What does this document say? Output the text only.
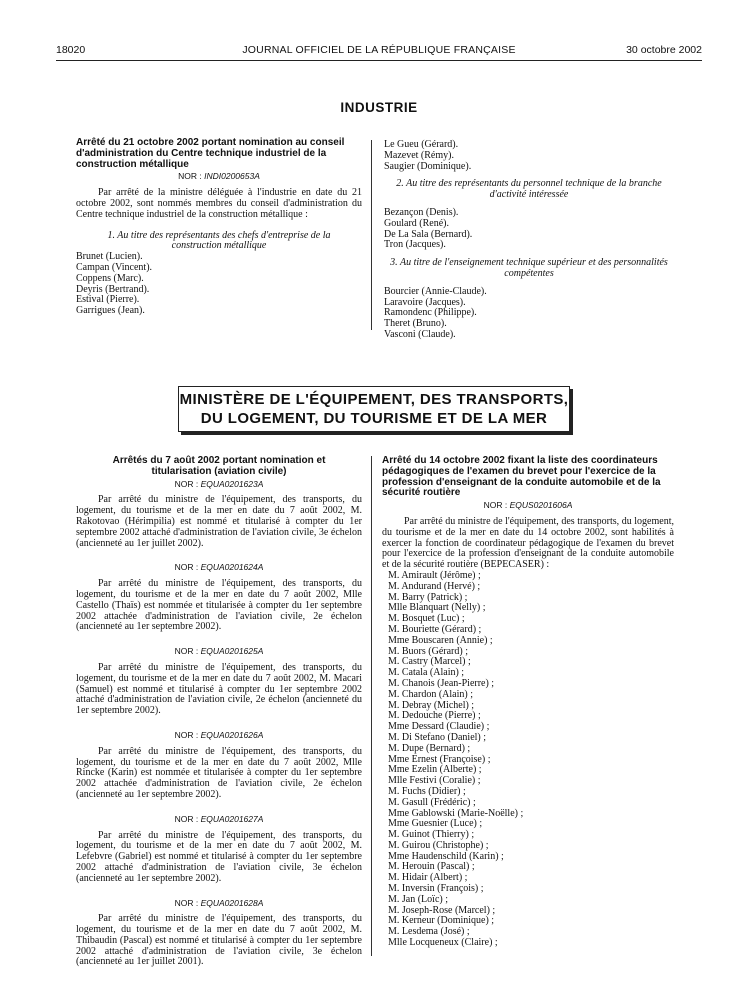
18020	JOURNAL OFFICIEL DE LA RÉPUBLIQUE FRANÇAISE	30 octobre 2002
INDUSTRIE
Arrêté du 21 octobre 2002 portant nomination au conseil d'administration du Centre technique industriel de la construction métallique
NOR : INDI0200653A

Par arrêté de la ministre déléguée à l'industrie en date du 21 octobre 2002, sont nommés membres du conseil d'administration du Centre technique industriel de la construction métallique :

1. Au titre des représentants des chefs d'entreprise de la construction métallique

Brunet (Lucien).
Campan (Vincent).
Coppens (Marc).
Deyris (Bertrand).
Estival (Pierre).
Garrigues (Jean).
Le Gueu (Gérard).
Mazevet (Rémy).
Saugier (Dominique).

2. Au titre des représentants du personnel technique de la branche d'activité intéressée

Bezançon (Denis).
Goulard (René).
De La Sala (Bernard).
Tron (Jacques).

3. Au titre de l'enseignement technique supérieur et des personnalités compétentes

Bourcier (Annie-Claude).
Laravoire (Jacques).
Ramondenc (Philippe).
Theret (Bruno).
Vasconi (Claude).
MINISTÈRE DE L'ÉQUIPEMENT, DES TRANSPORTS,
DU LOGEMENT, DU TOURISME ET DE LA MER
Arrêtés du 7 août 2002 portant nomination et titularisation (aviation civile)
NOR : EQUA0201623A

Par arrêté du ministre de l'équipement, des transports, du logement, du tourisme et de la mer en date du 7 août 2002, M. Rakotovao (Hérimpilia) est nommé et titularisé à compter du 1er septembre 2002 attaché d'administration de l'aviation civile, 3e échelon (ancienneté au 1er juillet 2002).

NOR : EQUA0201624A

Par arrêté du ministre de l'équipement, des transports, du logement, du tourisme et de la mer en date du 7 août 2002, Mlle Castello (Thaïs) est nommée et titularisée à compter du 1er septembre 2002 attachée d'administration de l'aviation civile, 2e échelon (ancienneté au 1er septembre 2002).

NOR : EQUA0201625A

Par arrêté du ministre de l'équipement, des transports, du logement, du tourisme et de la mer en date du 7 août 2002, M. Macari (Samuel) est nommé et titularisé à compter du 1er septembre 2002 attaché d'administration de l'aviation civile, 2e échelon (ancienneté du 1er septembre 2002).

NOR : EQUA0201626A

Par arrêté du ministre de l'équipement, des transports, du logement, du tourisme et de la mer en date du 7 août 2002, Mlle Rincke (Karin) est nommée et titularisée à compter du 1er septembre 2002 attachée d'administration de l'aviation civile, 2e échelon (ancienneté au 1er septembre 2002).

NOR : EQUA0201627A

Par arrêté du ministre de l'équipement, des transports, du logement, du tourisme et de la mer en date du 7 août 2002, M. Lefebvre (Gabriel) est nommé et titularisé à compter du 1er septembre 2002 attaché d'administration de l'aviation civile, 3e échelon (ancienneté au 1er septembre 2002).

NOR : EQUA0201628A

Par arrêté du ministre de l'équipement, des transports, du logement, du tourisme et de la mer en date du 7 août 2002, M. Thibaudin (Pascal) est nommé et titularisé à compter du 1er septembre 2002 attaché d'administration de l'aviation civile, 3e échelon (ancienneté au 1er juillet 2001).

Arrêté du 14 octobre 2002 fixant la liste des coordinateurs pédagogiques de l'examen du brevet pour l'exercice de la profession d'enseignant de la conduite automobile et de la sécurité routière
NOR : EQUS0201606A

Par arrêté du ministre de l'équipement, des transports, du logement, du tourisme et de la mer en date du 14 octobre 2002, sont habilités à exercer la fonction de coordinateur pédagogique de l'examen du brevet pour l'exercice de la profession d'enseignant de la conduite automobile et de la sécurité routière (BEPECASER) :

M. Amirault (Jérôme) ;
M. Andurand (Hervé) ;
M. Barry (Patrick) ;
Mlle Blanquart (Nelly) ;
M. Bosquet (Luc) ;
M. Bouriette (Gérard) ;
Mme Bouscaren (Annie) ;
M. Buors (Gérard) ;
M. Castry (Marcel) ;
M. Catala (Alain) ;
M. Chanois (Jean-Pierre) ;
M. Chardon (Alain) ;
M. Debray (Michel) ;
M. Dedouche (Pierre) ;
Mme Dessard (Claudie) ;
M. Di Stefano (Daniel) ;
M. Dupe (Bernard) ;
Mme Ernest (Françoise) ;
Mme Ezelin (Alberte) ;
Mlle Festivi (Coralie) ;
M. Fuchs (Didier) ;
M. Gasull (Frédéric) ;
Mme Gablowski (Marie-Noëlle) ;
Mme Guesnier (Luce) ;
M. Guinot (Thierry) ;
M. Guirou (Christophe) ;
Mme Haudenschild (Karin) ;
M. Herouin (Pascal) ;
M. Hidair (Albert) ;
M. Inversin (François) ;
M. Jan (Loïc) ;
M. Joseph-Rose (Marcel) ;
M. Kerneur (Dominique) ;
M. Lesdema (José) ;
Mlle Locqueneux (Claire) ;
